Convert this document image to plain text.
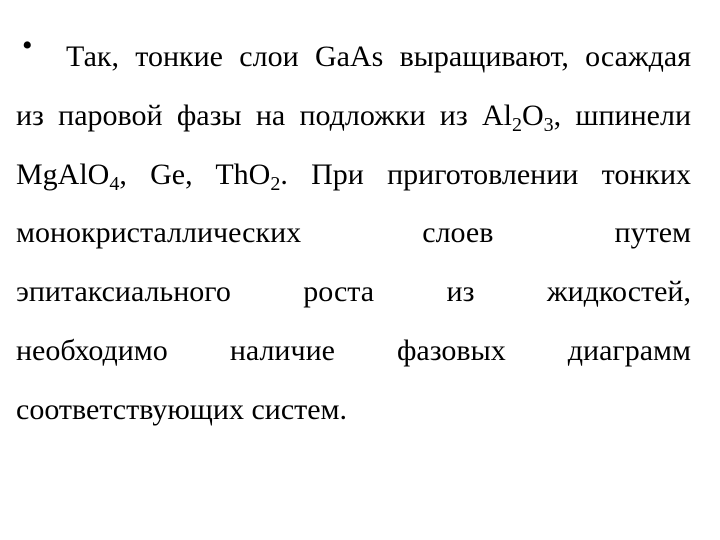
•	Так, тонкие слои GaAs выращивают, осаждая
из паровой фазы на подложки из $Al_2O_3$, шпинели
MgAlO$_4$, Ge, ThO$_2$. При приготовлении тонких
монокристаллических слоев путем
эпитаксиального роста из жидкостей,
необходимо наличие фазовых диаграмм
соответствующих систем.
